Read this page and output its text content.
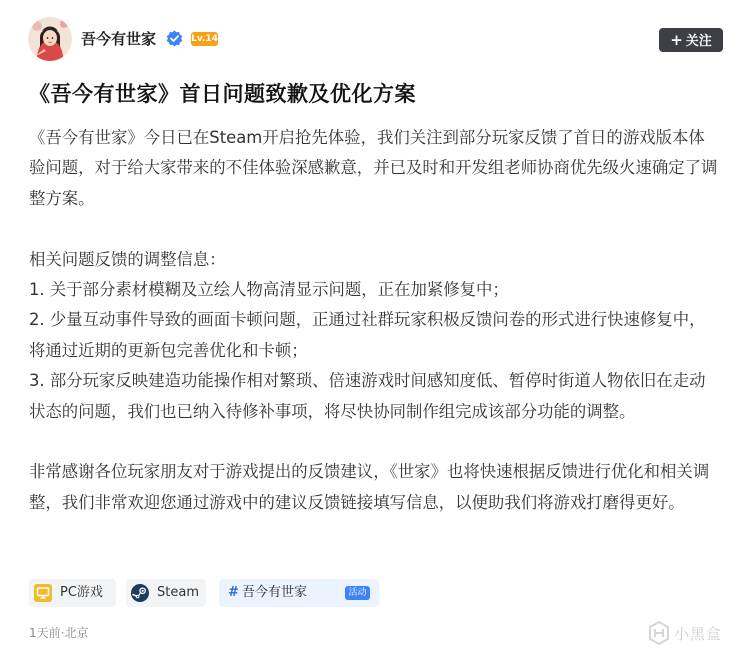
吾今有世家	Lv.14	+ 关注
《吾今有世家》首日问题致歉及优化方案

《吾今有世家》今日已在Steam开启抢先体验，我们关注到部分玩家反馈了首日的游戏版本体验问题，对于给大家带来的不佳体验深感歉意，并已及时和开发组老师协商优先级火速确定了调整方案。

相关问题反馈的调整信息：

1. 关于部分素材模糊及立绘人物高清显示问题，正在加紧修复中；

2. 少量互动事件导致的画面卡顿问题，正通过社群玩家积极反馈问卷的形式进行快速修复中，将通过近期的更新包完善优化和卡顿；

3. 部分玩家反映建造功能操作相对繁琐、倍速游戏时间感知度低、暂停时街道人物依旧在走动状态的问题，我们也已纳入待修补事项，将尽快协同制作组完成该部分功能的调整。

非常感谢各位玩家朋友对于游戏提出的反馈建议，《世家》也将快速根据反馈进行优化和相关调整，我们非常欢迎您通过游戏中的建议反馈链接填写信息，以便助我们将游戏打磨得更好。

PC游戏	Steam # 吾今有世家	活动
1天前·北京	小黑盒
